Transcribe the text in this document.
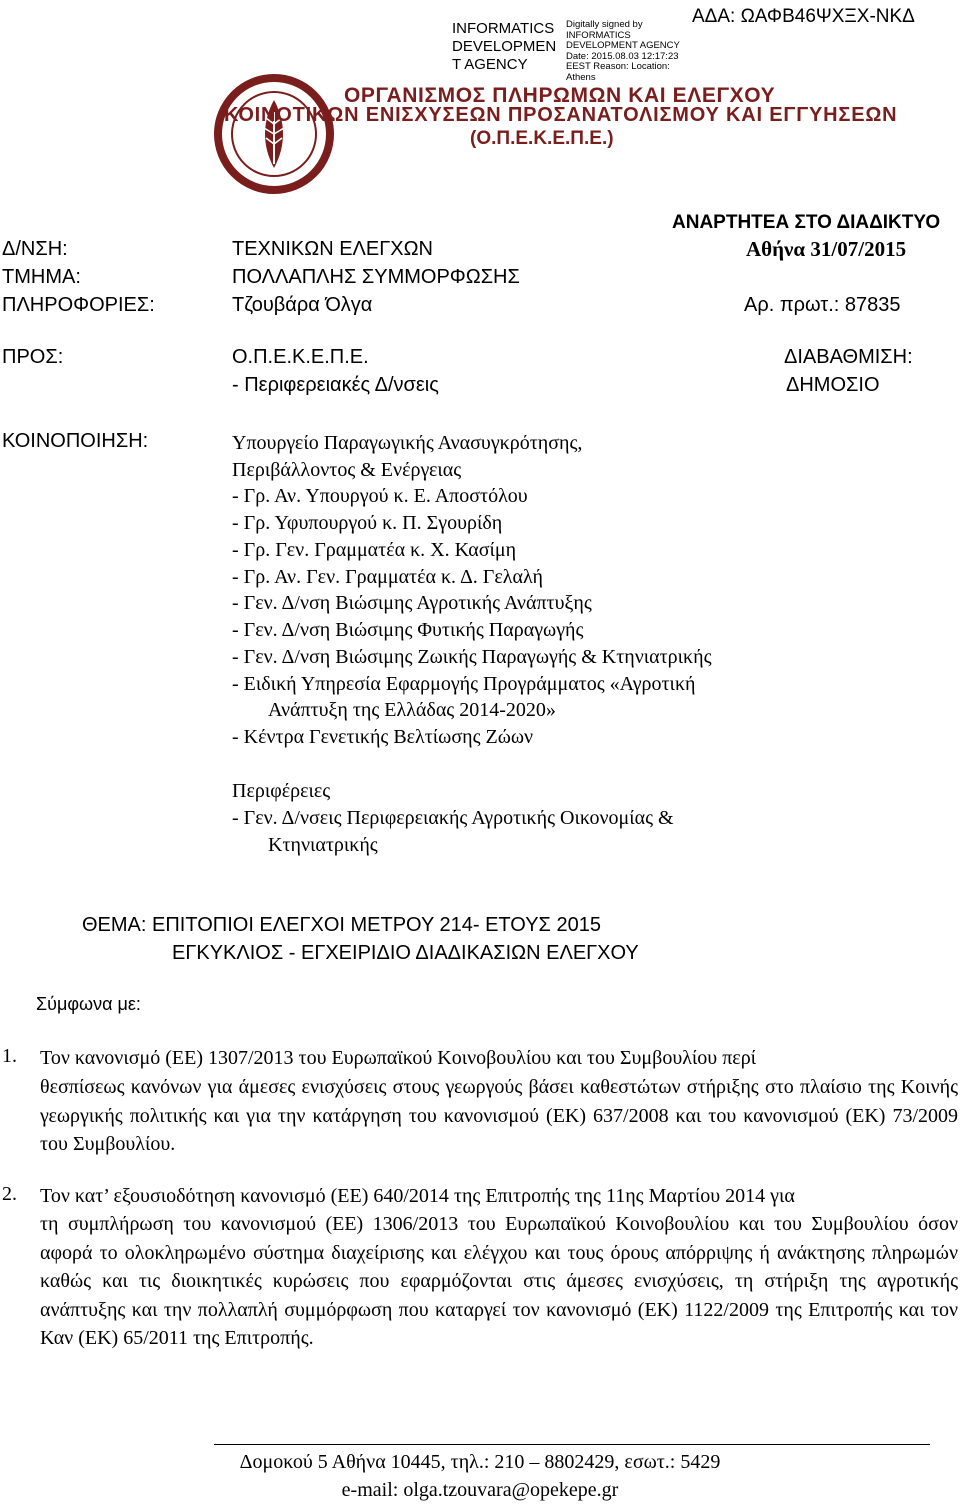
INFORMATICS DEVELOPMEN T AGENCY
Digitally signed by INFORMATICS DEVELOPMENT AGENCY Date: 2015.08.03 12:17:23 EEST Reason: Location: Athens
ΑΔΑ: ΩΑΦΒ46ΨΧΞΧ-ΝΚΔ
ΟΡΓΑΝΙΣΜΟΣ ΠΛΗΡΩΜΩΝ ΚΑΙ ΕΛΕΓΧΟΥ
ΚΟΙΝΟΤΙΚΩΝ ΕΝΙΣΧΥΣΕΩΝ ΠΡΟΣΑΝΑΤΟΛΙΣΜΟΥ ΚΑΙ ΕΓΓΥΗΣΕΩΝ
(Ο.Π.Ε.Κ.Ε.Π.Ε.)
ΑΝΑΡΤΗΤΕΑ ΣΤΟ ΔΙΑΔΙΚΤΥΟ
Δ/ΝΣΗ:	ΤΕΧΝΙΚΩΝ ΕΛΕΓΧΩΝ	Αθήνα 31/07/2015
ΤΜΗΜΑ:	ΠΟΛΛΑΠΛΗΣ ΣΥΜΜΟΡΦΩΣΗΣ
ΠΛΗΡΟΦΟΡΙΕΣ:	Τζουβάρα Όλγα	Αρ. πρωτ.: 87835
ΠΡΟΣ:	Ο.Π.Ε.Κ.Ε.Π.Ε.	ΔΙΑΒΑΘΜΙΣΗ:
- Περιφερειακές Δ/νσεις	ΔΗΜΟΣΙΟ
ΚΟΙΝΟΠΟΙΗΣΗ:	Υπουργείο Παραγωγικής Ανασυγκρότησης,
Περιβάλλοντος & Ενέργειας
- Γρ. Αν. Υπουργού κ. Ε. Αποστόλου
- Γρ. Υφυπουργού κ. Π. Σγουρίδη
- Γρ. Γεν. Γραμματέα κ. Χ. Κασίμη
- Γρ. Αν. Γεν. Γραμματέα κ. Δ. Γελαλή
- Γεν. Δ/νση Βιώσιμης Αγροτικής Ανάπτυξης
- Γεν. Δ/νση Βιώσιμης Φυτικής Παραγωγής
- Γεν. Δ/νση Βιώσιμης Ζωικής Παραγωγής & Κτηνιατρικής
- Ειδική Υπηρεσία Εφαρμογής Προγράμματος «Αγροτική
Ανάπτυξη της Ελλάδας 2014-2020»
- Κέντρα Γενετικής Βελτίωσης Ζώων
Περιφέρειες
- Γεν. Δ/νσεις Περιφερειακής Αγροτικής Οικονομίας &
Κτηνιατρικής
ΘΕΜΑ: ΕΠΙΤΟΠΙΟΙ ΕΛΕΓΧΟΙ ΜΕΤΡΟΥ 214- ΕΤΟΥΣ 2015
ΕΓΚΥΚΛΙΟΣ - ΕΓΧΕΙΡΙΔΙΟ ΔΙΑΔΙΚΑΣΙΩΝ ΕΛΕΓΧΟΥ
Σύμφωνα με:
1. Τον κανονισμό (ΕΕ) 1307/2013 του Ευρωπαϊκού Κοινοβουλίου και του Συμβουλίου περί
θεσπίσεως κανόνων για άμεσες ενισχύσεις στους γεωργούς βάσει καθεστώτων στήριξης στο πλαίσιο της Κοινής γεωργικής πολιτικής και για την κατάργηση του κανονισμού (ΕΚ) 637/2008 και του κανονισμού (ΕΚ) 73/2009 του Συμβουλίου.
2. Τον κατ’ εξουσιοδότηση κανονισμό (ΕΕ) 640/2014 της Επιτροπής της 11ης Μαρτίου 2014 για
τη συμπλήρωση του κανονισμού (ΕΕ) 1306/2013 του Ευρωπαϊκού Κοινοβουλίου και του Συμβουλίου όσον αφορά το ολοκληρωμένο σύστημα διαχείρισης και ελέγχου και τους όρους απόρριψης ή ανάκτησης πληρωμών καθώς και τις διοικητικές κυρώσεις που εφαρμόζονται στις άμεσες ενισχύσεις, τη στήριξη της αγροτικής ανάπτυξης και την πολλαπλή συμμόρφωση που καταργεί τον κανονισμό (ΕΚ) 1122/2009 της Επιτροπής και τον Καν (ΕΚ) 65/2011 της Επιτροπής.
Δομοκού 5 Αθήνα 10445, τηλ.: 210 – 8802429, εσωτ.: 5429
e-mail: olga.tzouvara@opekepe.gr
